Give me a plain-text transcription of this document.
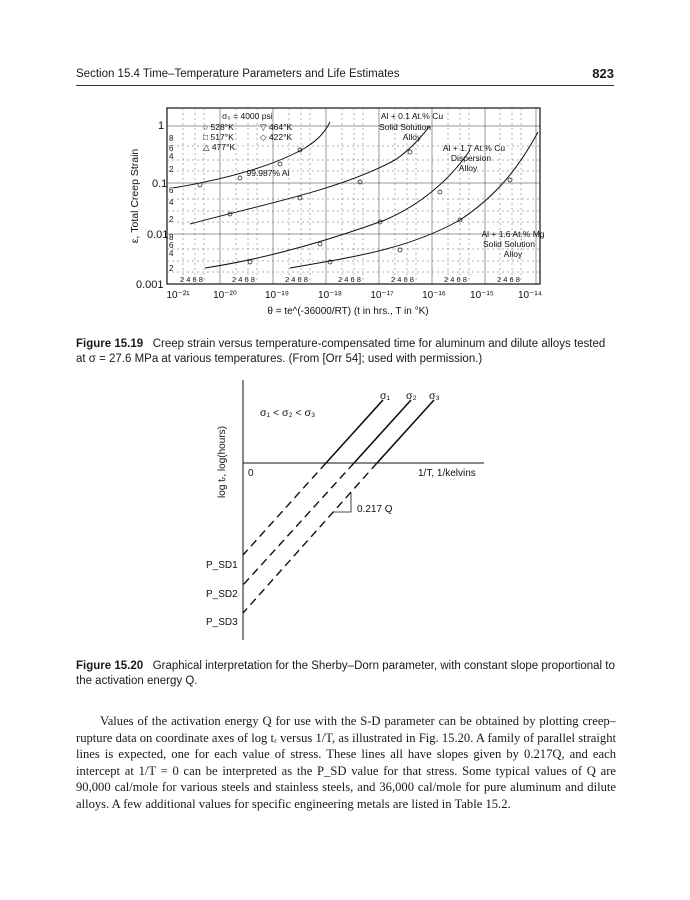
Section 15.4 Time–Temperature Parameters and Life Estimates	823
0.001
0.01
0.1
1
8
6
4
2
6
4
2
8
6
4
2
ε, Total Creep Strain
2 4 6 8	2 4 6 8	2 4 6 8	2 4 6 8	2 4 6 8	2 4 6 8	2 4 6 8
10⁻²¹ 10⁻²⁰	10⁻¹⁹	10⁻¹⁸	10⁻¹⁷	10⁻¹⁶ 10⁻¹⁵ 10⁻¹⁴
θ = te^(-36000/RT) (t in hrs., T in °K)
σ₀ = 4000 psi
○ 528°K	▽ 464°K
□ 517°K	◇ 422°K
△ 477°K
Al + 0.1 At.% Cu
Solid Solution
Alloy
99.987% Al
Al + 1.7 At.% Cu
Dispersion
Alloy
Al + 1.6 At.% Mg
Solid Solution
Alloy
Figure 15.19 Creep strain versus temperature-compensated time for aluminum and dilute alloys tested at σ = 27.6 MPa at various temperatures. (From [Orr 54]; used with permission.)
log tᵣ, log(hours) 0	1/T, 1/kelvins
σ₁ < σ₂ < σ₃
σ₁ σ₂ σ₃
0.217 Q
P_SD1
P_SD2
P_SD3
Figure 15.20 Graphical interpretation for the Sherby–Dorn parameter, with constant slope proportional to the activation energy Q.

Values of the activation energy Q for use with the S-D parameter can be obtained by plotting creep–rupture data on coordinate axes of log tᵣ versus 1/T, as illustrated in Fig. 15.20. A family of parallel straight lines is expected, one for each value of stress. These lines all have slopes given by 0.217Q, and each intercept at 1/T = 0 can be interpreted as the P_SD value for that stress. Some typical values of Q are 90,000 cal/mole for various steels and stainless steels, and 36,000 cal/mole for pure aluminum and dilute alloys. A few additional values for specific engineering metals are listed in Table 15.2.
